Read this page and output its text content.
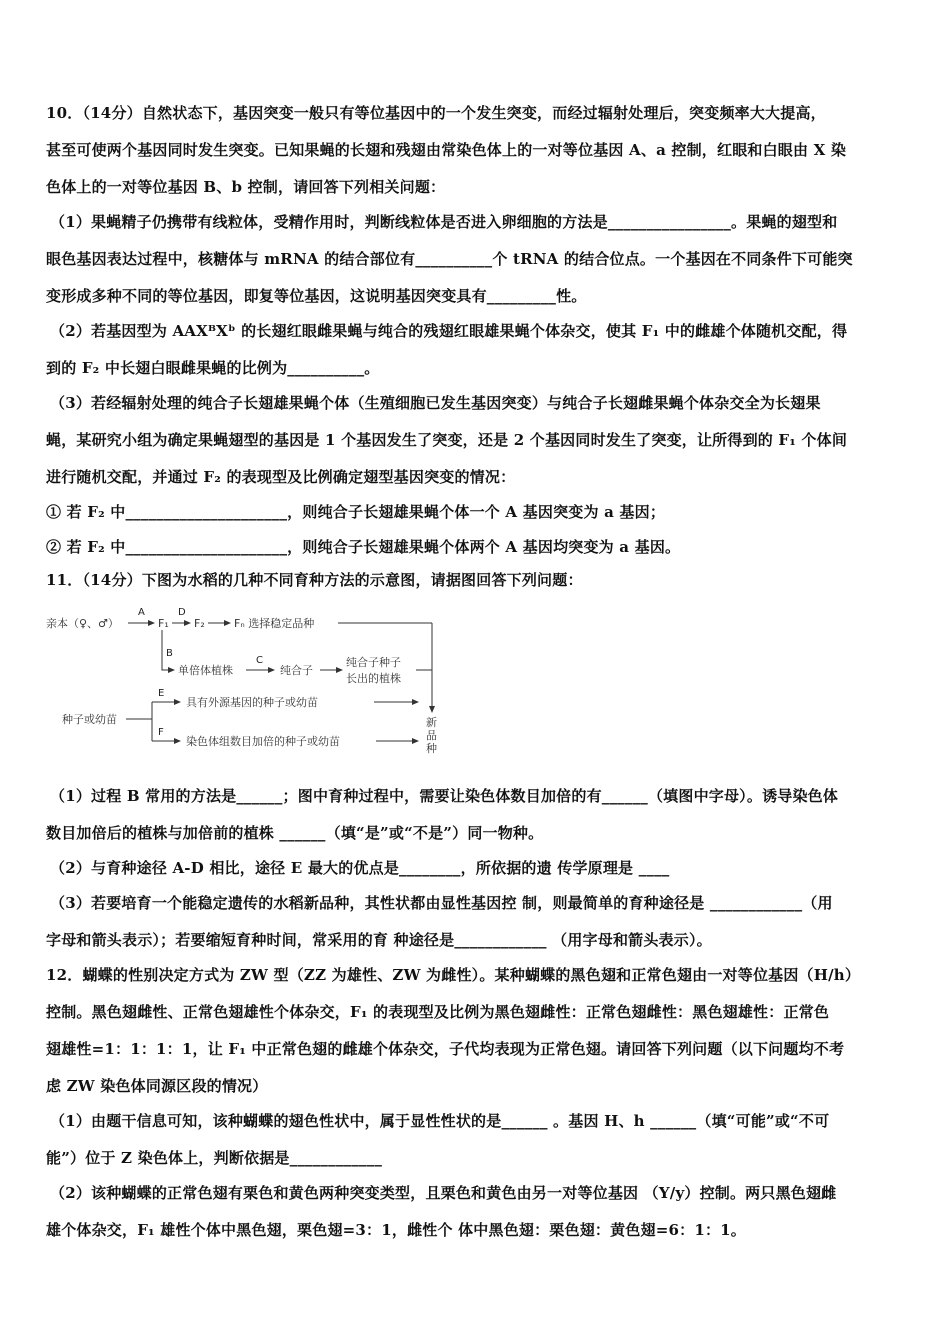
10．（14分）自然状态下，基因突变一般只有等位基因中的一个发生突变，而经过辐射处理后，突变频率大大提高，
甚至可使两个基因同时发生突变。已知果蝇的长翅和残翅由常染色体上的一对等位基因 A、a 控制，红眼和白眼由 X 染
色体上的一对等位基因 B、b 控制，请回答下列相关问题：
（1）果蝇精子仍携带有线粒体，受精作用时，判断线粒体是否进入卵细胞的方法是________________。果蝇的翅型和
眼色基因表达过程中，核糖体与 mRNA 的结合部位有__________个 tRNA 的结合位点。一个基因在不同条件下可能突
变形成多种不同的等位基因，即复等位基因，这说明基因突变具有_________性。
（2）若基因型为 AAXᴮXᵇ 的长翅红眼雌果蝇与纯合的残翅红眼雄果蝇个体杂交，使其 F₁ 中的雌雄个体随机交配，得
到的 F₂ 中长翅白眼雌果蝇的比例为__________。
（3）若经辐射处理的纯合子长翅雄果蝇个体（生殖细胞已发生基因突变）与纯合子长翅雌果蝇个体杂交全为长翅果
蝇，某研究小组为确定果蝇翅型的基因是 1 个基因发生了突变，还是 2 个基因同时发生了突变，让所得到的 F₁ 个体间
进行随机交配，并通过 F₂ 的表现型及比例确定翅型基因突变的情况：
① 若 F₂ 中_____________________，则纯合子长翅雄果蝇个体一个 A 基因突变为 a 基因；
② 若 F₂ 中_____________________，则纯合子长翅雄果蝇个体两个 A 基因均突变为 a 基因。
11．（14分）下图为水稻的几种不同育种方法的示意图，请据图回答下列问题：
亲本（♀、♂）
A
F₁
D
F₂	Fₙ 选择稳定品种
B
单倍体植株
C
纯合子
纯合子种子
长出的植株
种子或幼苗
E
具有外源基因的种子或幼苗
F
染色体组数目加倍的种子或幼苗
新
品
种
（1）过程 B 常用的方法是______；图中育种过程中，需要让染色体数目加倍的有______（填图中字母）。诱导染色体
数目加倍后的植株与加倍前的植株 ______（填“是”或“不是”）同一物种。
（2）与育种途径 A-D 相比，途径 E 最大的优点是________，所依据的遗 传学原理是 ____
（3）若要培育一个能稳定遗传的水稻新品种，其性状都由显性基因控 制，则最简单的育种途径是 ____________（用
字母和箭头表示）；若要缩短育种时间，常采用的育 种途径是____________ （用字母和箭头表示）。
12．蝴蝶的性别决定方式为 ZW 型（ZZ 为雄性、ZW 为雌性）。某种蝴蝶的黑色翅和正常色翅由一对等位基因（H/h）
控制。黑色翅雌性、正常色翅雄性个体杂交，F₁ 的表现型及比例为黑色翅雌性：正常色翅雌性：黑色翅雄性：正常色
翅雄性=1：1：1：1，让 F₁ 中正常色翅的雌雄个体杂交，子代均表现为正常色翅。请回答下列问题（以下问题均不考
虑 ZW 染色体同源区段的情况）
（1）由题干信息可知，该种蝴蝶的翅色性状中，属于显性性状的是______ 。基因 H、h ______（填“可能”或“不可
能”）位于 Z 染色体上，判断依据是____________
（2）该种蝴蝶的正常色翅有栗色和黄色两种突变类型，且栗色和黄色由另一对等位基因 （Y/y）控制。两只黑色翅雌
雄个体杂交，F₁ 雄性个体中黑色翅，栗色翅=3：1，雌性个 体中黑色翅：栗色翅：黄色翅=6：1：1。
